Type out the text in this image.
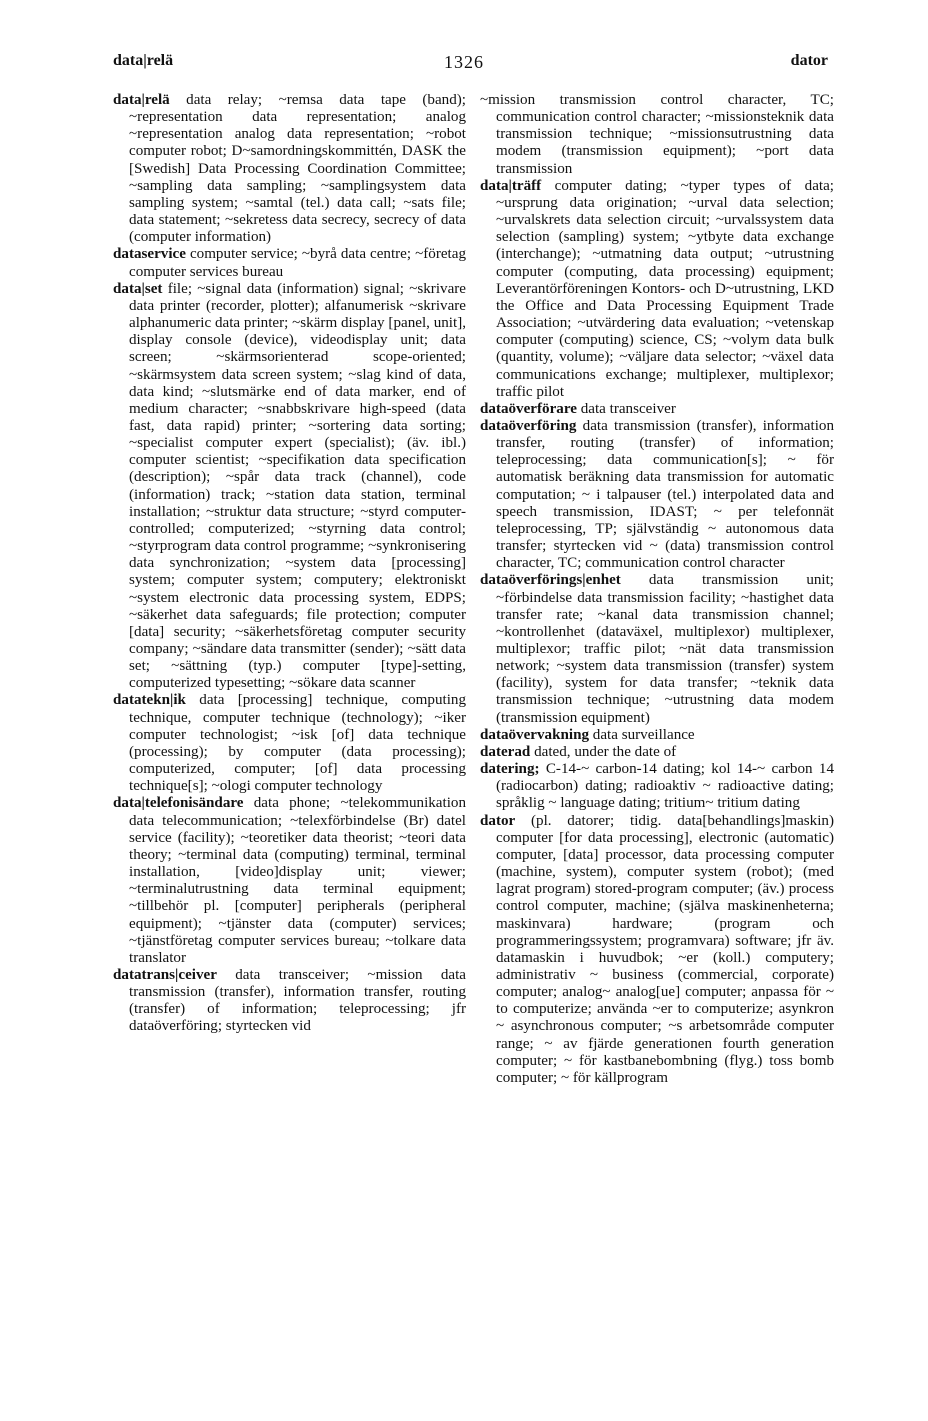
data|relä	1326	dator

data|relä data relay; ~remsa data tape (band); ~representation data representation; analog ~representation analog data representation; ~robot computer robot; D~samordningskommittén, DASK the [Swedish] Data Processing Coordination Committee; ~sampling data sampling; ~samplingsystem data sampling system; ~samtal (tel.) data call; ~sats file; data statement; ~sekretess data secrecy, secrecy of data (computer information)

dataservice computer service; ~byrå data centre; ~företag computer services bureau

data|set file; ~signal data (information) signal; ~skrivare data printer (recorder, plotter); alfanumerisk ~skrivare alphanumeric data printer; ~skärm display [panel, unit], display console (device), videodisplay unit; data screen; ~skärmsorienterad scope-oriented; ~skärmsystem data screen system; ~slag kind of data, data kind; ~slutsmärke end of data marker, end of medium character; ~snabbskrivare high-speed (data fast, data rapid) printer; ~sortering data sorting; ~specialist computer expert (specialist); (äv. ibl.) computer scientist; ~specifikation data specification (description); ~spår data track (channel), code (information) track; ~station data station, terminal installation; ~struktur data structure; ~styrd computer-controlled; computerized; ~styrning data control; ~styrprogram data control programme; ~synkronisering data synchronization; ~system data [processing] system; computer system; computery; elektroniskt ~system electronic data processing system, EDPS; ~säkerhet data safeguards; file protection; computer [data] security; ~säkerhetsföretag computer security company; ~sändare data transmitter (sender); ~sätt data set; ~sättning (typ.) computer [type]-setting, computerized typesetting; ~sökare data scanner

datatekn|ik data [processing] technique, computing technique, computer technique (technology); ~iker computer technologist; ~isk [of] data technique (processing); by computer (data processing); computerized, computer; [of] data processing technique[s]; ~ologi computer technology

data|telefonisändare data phone; ~telekommunikation data telecommunication; ~telexförbindelse (Br) datel service (facility); ~teoretiker data theorist; ~teori data theory; ~terminal data (computing) terminal, terminal installation, [video]display unit; viewer; ~terminalutrustning data terminal equipment; ~tillbehör pl. [computer] peripherals (peripheral equipment); ~tjänster data (computer) services; ~tjänstföretag computer services bureau; ~tolkare data translator

datatrans|ceiver data transceiver; ~mission data transmission (transfer), information transfer, routing (transfer) of information; teleprocessing; jfr dataöverföring; styrtecken vid

~mission transmission control character, TC; communication control character; ~missionsteknik data transmission technique; ~missionsutrustning data modem (transmission equipment); ~port data transmission

data|träff computer dating; ~typer types of data; ~ursprung data origination; ~urval data selection; ~urvalskrets data selection circuit; ~urvalssystem data selection (sampling) system; ~ytbyte data exchange (interchange); ~utmatning data output; ~utrustning computer (computing, data processing) equipment; Leverantörföreningen Kontors- och D~utrustning, LKD the Office and Data Processing Equipment Trade Association; ~utvärdering data evaluation; ~vetenskap computer (computing) science, CS; ~volym data bulk (quantity, volume); ~väljare data selector; ~växel data communications exchange; multiplexer, multiplexor; traffic pilot

dataöverförare data transceiver

dataöverföring data transmission (transfer), information transfer, routing (transfer) of information; teleprocessing; data communication[s]; ~ för automatisk beräkning data transmission for automatic computation; ~ i talpauser (tel.) interpolated data and speech transmission, IDAST; ~ per telefonnät teleprocessing, TP; självständig ~ autonomous data transfer; styrtecken vid ~ (data) transmission control character, TC; communication control character

dataöverförings|enhet data transmission unit; ~förbindelse data transmission facility; ~hastighet data transfer rate; ~kanal data transmission channel; ~kontrollenhet (dataväxel, multiplexor) multiplexer, multiplexor; traffic pilot; ~nät data transmission network; ~system data transmission (transfer) system (facility), system for data transfer; ~teknik data transmission technique; ~utrustning data modem (transmission equipment)

dataövervakning data surveillance

daterad dated, under the date of

datering; C-14-~ carbon-14 dating; kol 14-~ carbon 14 (radiocarbon) dating; radioaktiv ~ radioactive dating; språklig ~ language dating; tritium~ tritium dating

dator (pl. datorer; tidig. data[behandlings]maskin) computer [for data processing], electronic (automatic) computer, [data] processor, data processing computer (machine, system), computer system (robot); (med lagrat program) stored-program computer; (äv.) process control computer, machine; (själva maskinenheterna; maskinvara) hardware; (program och programmeringssystem; programvara) software; jfr äv. datamaskin i huvudbok; ~er (koll.) computery; administrativ ~ business (commercial, corporate) computer; analog~ analog[ue] computer; anpassa för ~ to computerize; använda ~er to computerize; asynkron ~ asynchronous computer; ~s arbetsområde computer range; ~ av fjärde generationen fourth generation computer; ~ för kastbanebombning (flyg.) toss bomb computer; ~ för källprogram
